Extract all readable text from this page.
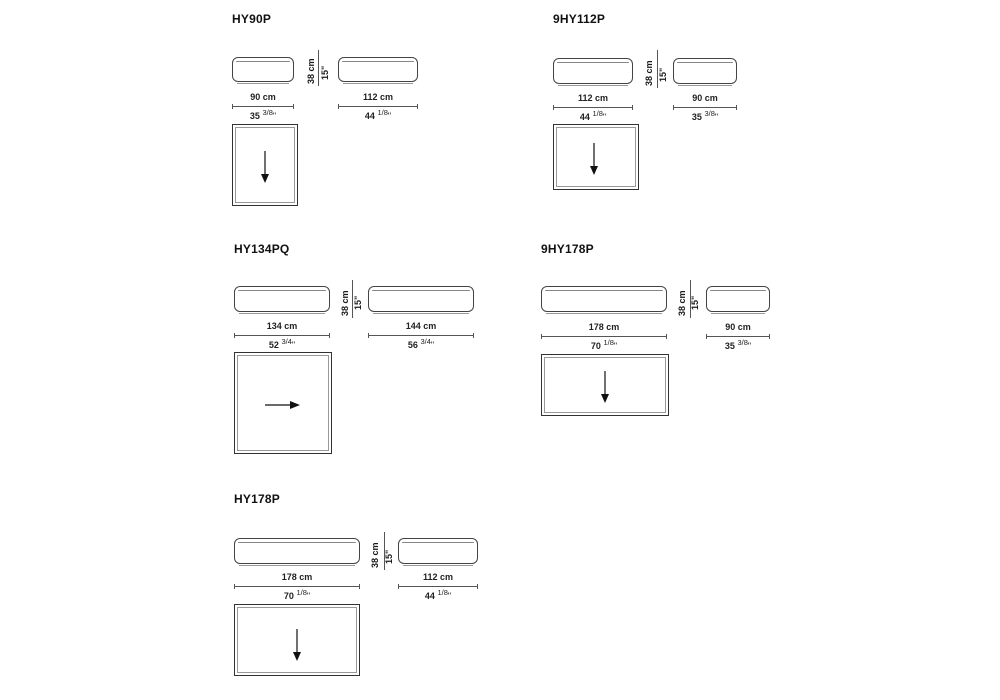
HY90P
38 cm 15"
90 cm
35 $^{3/8}$"
112 cm
44 $^{1/8}$"
9HY112P
38 cm 15"
112 cm
44 $^{1/8}$"
90 cm
35 $^{3/8}$"
HY134PQ
38 cm 15"
134 cm
52 $^{3/4}$"
144 cm
56 $^{3/4}$"
9HY178P
38 cm 15"
178 cm
70 $^{1/8}$"
90 cm
35 $^{3/8}$"
HY178P
38 cm 15"
178 cm
70 $^{1/8}$"
112 cm
44 $^{1/8}$"
